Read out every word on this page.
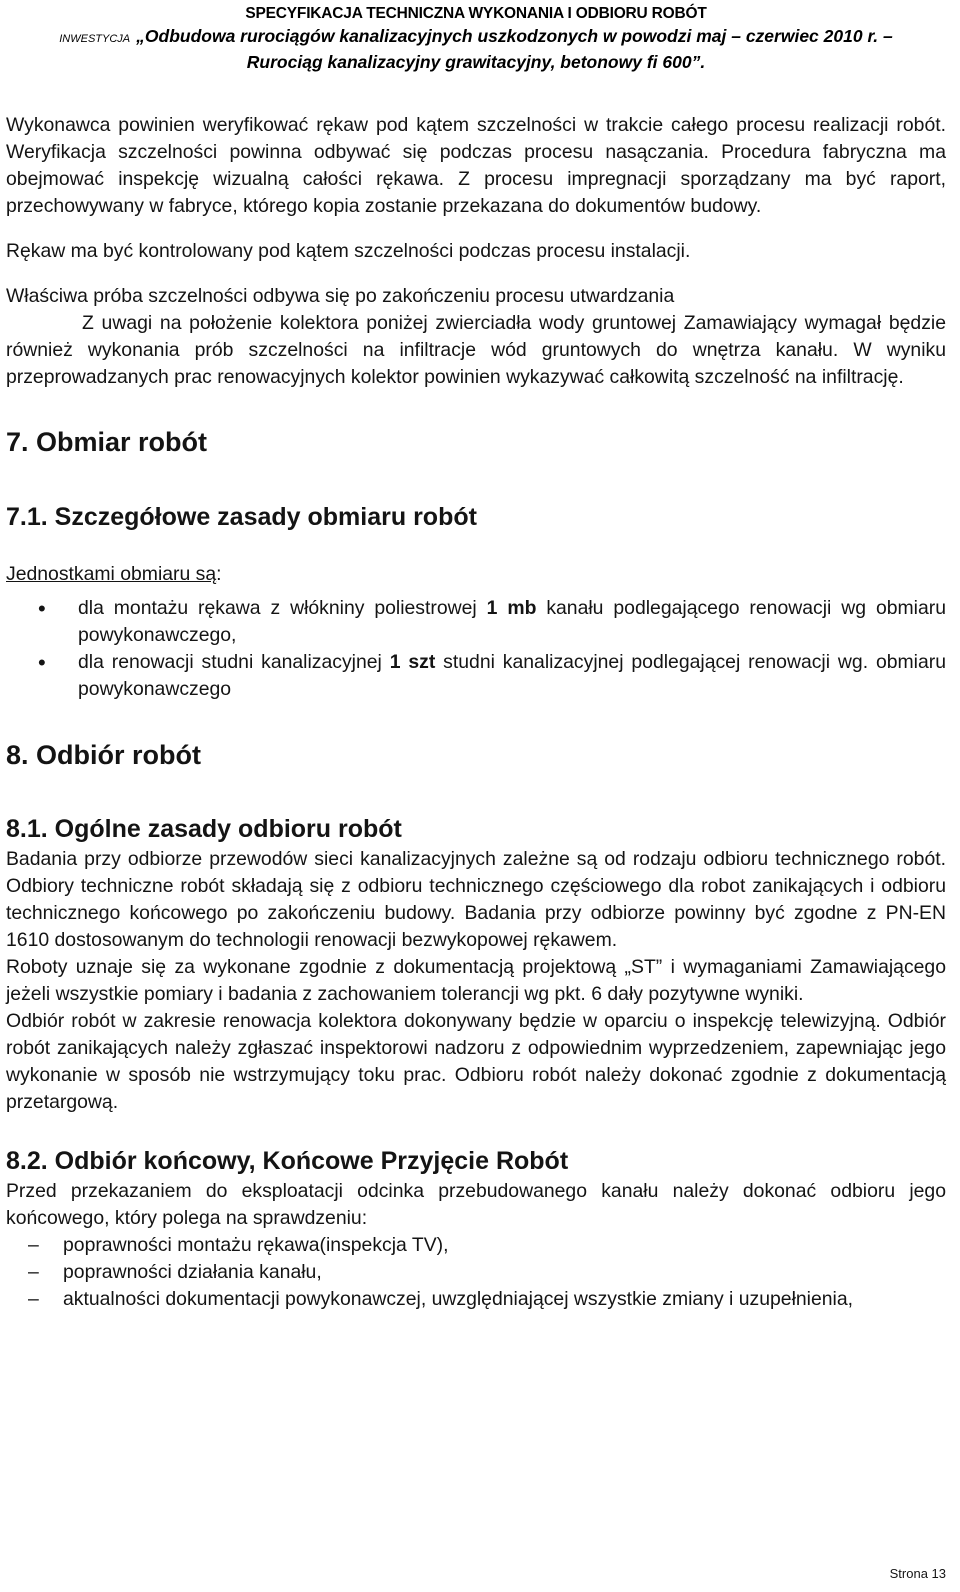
SPECYFIKACJA TECHNICZNA WYKONANIA I ODBIORU ROBÓT
INWESTYCJA „Odbudowa rurociągów kanalizacyjnych uszkodzonych w powodzi maj – czerwiec 2010 r. –
Rurociąg kanalizacyjny grawitacyjny, betonowy fi 600”.

Wykonawca powinien weryfikować rękaw pod kątem szczelności w trakcie całego procesu realizacji robót. Weryfikacja szczelności powinna odbywać się podczas procesu nasączania. Procedura fabryczna ma obejmować inspekcję wizualną całości rękawa. Z procesu impregnacji sporządzany ma być raport, przechowywany w fabryce, którego kopia zostanie przekazana do dokumentów budowy.

Rękaw ma być kontrolowany pod kątem szczelności podczas procesu instalacji.

Właściwa próba szczelności odbywa się po zakończeniu procesu utwardzania

Z uwagi na położenie kolektora poniżej zwierciadła wody gruntowej Zamawiający wymagał będzie również wykonania prób szczelności na infiltracje wód gruntowych do wnętrza kanału. W wyniku przeprowadzanych prac renowacyjnych kolektor powinien wykazywać całkowitą szczelność na infiltrację.

7. Obmiar robót
7.1. Szczegółowe zasady obmiaru robót

Jednostkami obmiaru są:

• dla montażu rękawa z włókniny poliestrowej 1 mb kanału podlegającego renowacji wg obmiaru powykonawczego,
• dla renowacji studni kanalizacyjnej 1 szt studni kanalizacyjnej podlegającej renowacji wg. obmiaru powykonawczego
8. Odbiór robót
8.1. Ogólne zasady odbioru robót

Badania przy odbiorze przewodów sieci kanalizacyjnych zależne są od rodzaju odbioru technicznego robót. Odbiory techniczne robót składają się z odbioru technicznego częściowego dla robot zanikających i odbioru technicznego końcowego po zakończeniu budowy. Badania przy odbiorze powinny być zgodne z PN-EN 1610 dostosowanym do technologii renowacji bezwykopowej rękawem.

Roboty uznaje się za wykonane zgodnie z dokumentacją projektową „ST” i wymaganiami Zamawiającego jeżeli wszystkie pomiary i badania z zachowaniem tolerancji wg pkt. 6 dały pozytywne wyniki.

Odbiór robót w zakresie renowacja kolektora dokonywany będzie w oparciu o inspekcję telewizyjną. Odbiór robót zanikających należy zgłaszać inspektorowi nadzoru z odpowiednim wyprzedzeniem, zapewniając jego wykonanie w sposób nie wstrzymujący toku prac. Odbioru robót należy dokonać zgodnie z dokumentacją przetargową.

8.2. Odbiór końcowy, Końcowe Przyjęcie Robót

Przed przekazaniem do eksploatacji odcinka przebudowanego kanału należy dokonać odbioru jego końcowego, który polega na sprawdzeniu:

– poprawności montażu rękawa(inspekcja TV),
– poprawności działania kanału,
– aktualności dokumentacji powykonawczej, uwzględniającej wszystkie zmiany i uzupełnienia,
Strona 13
